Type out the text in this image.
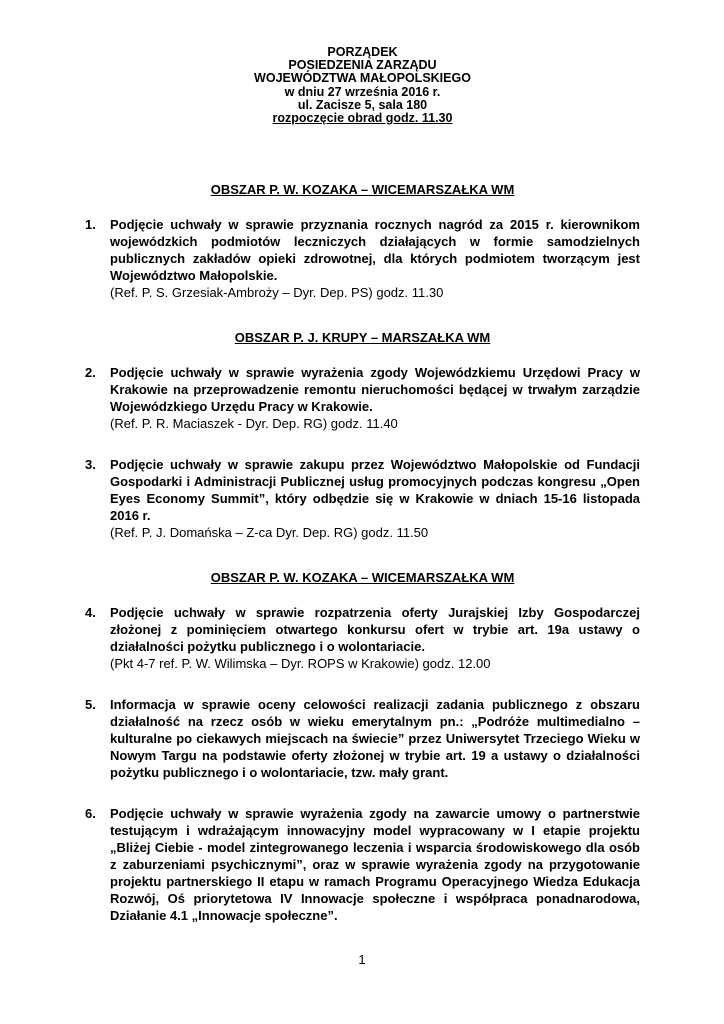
PORZĄDEK
POSIEDZENIA ZARZĄDU
WOJEWÓDZTWA MAŁOPOLSKIEGO
w dniu 27 września 2016 r.
ul. Zacisze 5, sala 180
rozpoczęcie obrad godz. 11.30
OBSZAR P. W. KOZAKA – WICEMARSZAŁKA WM
1.	Podjęcie uchwały w sprawie przyznania rocznych nagród za 2015 r. kierownikom wojewódzkich podmiotów leczniczych działających w formie samodzielnych publicznych zakładów opieki zdrowotnej, dla których podmiotem tworzącym jest Województwo Małopolskie.

(Ref. P. S. Grzesiak-Ambroży – Dyr. Dep. PS) godz. 11.30

OBSZAR P. J. KRUPY – MARSZAŁKA WM
2.	Podjęcie uchwały w sprawie wyrażenia zgody Wojewódzkiemu Urzędowi Pracy w Krakowie na przeprowadzenie remontu nieruchomości będącej w trwałym zarządzie Wojewódzkiego Urzędu Pracy w Krakowie.

(Ref. P. R. Maciaszek - Dyr. Dep. RG) godz. 11.40

3.	Podjęcie uchwały w sprawie zakupu przez Województwo Małopolskie od Fundacji Gospodarki i Administracji Publicznej usług promocyjnych podczas kongresu „Open Eyes Economy Summit”, który odbędzie się w Krakowie w dniach 15-16 listopada 2016 r.

(Ref. P. J. Domańska – Z-ca Dyr. Dep. RG) godz. 11.50

OBSZAR P. W. KOZAKA – WICEMARSZAŁKA WM
4.	Podjęcie uchwały w sprawie rozpatrzenia oferty Jurajskiej Izby Gospodarczej złożonej z pominięciem otwartego konkursu ofert w trybie art. 19a ustawy o działalności pożytku publicznego i o wolontariacie.

(Pkt 4-7 ref. P. W. Wilimska – Dyr. ROPS w Krakowie) godz. 12.00

5.	Informacja w sprawie oceny celowości realizacji zadania publicznego z obszaru działalność na rzecz osób w wieku emerytalnym pn.: „Podróże multimedialno – kulturalne po ciekawych miejscach na świecie” przez Uniwersytet Trzeciego Wieku w Nowym Targu na podstawie oferty złożonej w trybie art. 19 a ustawy o działalności pożytku publicznego i o wolontariacie, tzw. mały grant.

6.	Podjęcie uchwały w sprawie wyrażenia zgody na zawarcie umowy o partnerstwie testującym i wdrażającym innowacyjny model wypracowany w I etapie projektu „Bliżej Ciebie - model zintegrowanego leczenia i wsparcia środowiskowego dla osób z zaburzeniami psychicznymi”, oraz w sprawie wyrażenia zgody na przygotowanie projektu partnerskiego II etapu w ramach Programu Operacyjnego Wiedza Edukacja Rozwój, Oś priorytetowa IV Innowacje społeczne i współpraca ponadnarodowa, Działanie 4.1 „Innowacje społeczne”.

1
